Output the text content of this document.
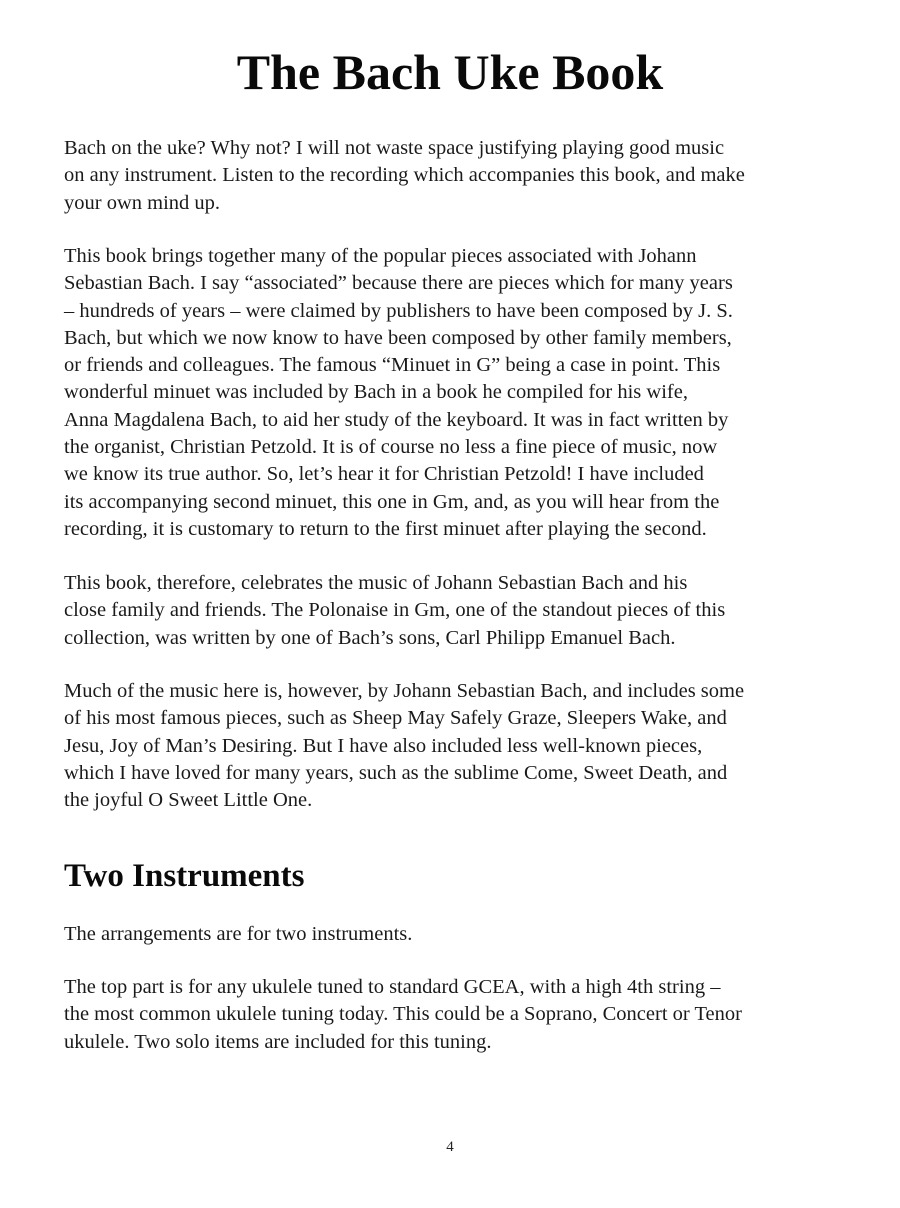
The Bach Uke Book

Bach on the uke? Why not? I will not waste space justifying playing good music
on any instrument. Listen to the recording which accompanies this book, and make
your own mind up.

This book brings together many of the popular pieces associated with Johann
Sebastian Bach. I say “associated” because there are pieces which for many years
– hundreds of years – were claimed by publishers to have been composed by J. S.
Bach, but which we now know to have been composed by other family members,
or friends and colleagues. The famous “Minuet in G” being a case in point. This
wonderful minuet was included by Bach in a book he compiled for his wife,
Anna Magdalena Bach, to aid her study of the keyboard. It was in fact written by
the organist, Christian Petzold. It is of course no less a fine piece of music, now
we know its true author. So, let’s hear it for Christian Petzold! I have included
its accompanying second minuet, this one in Gm, and, as you will hear from the
recording, it is customary to return to the first minuet after playing the second.

This book, therefore, celebrates the music of Johann Sebastian Bach and his
close family and friends. The Polonaise in Gm, one of the standout pieces of this
collection, was written by one of Bach’s sons, Carl Philipp Emanuel Bach.

Much of the music here is, however, by Johann Sebastian Bach, and includes some
of his most famous pieces, such as Sheep May Safely Graze, Sleepers Wake, and
Jesu, Joy of Man’s Desiring. But I have also included less well-known pieces,
which I have loved for many years, such as the sublime Come, Sweet Death, and
the joyful O Sweet Little One.

Two Instruments

The arrangements are for two instruments.

The top part is for any ukulele tuned to standard GCEA, with a high 4th string –
the most common ukulele tuning today. This could be a Soprano, Concert or Tenor
ukulele. Two solo items are included for this tuning.

4
